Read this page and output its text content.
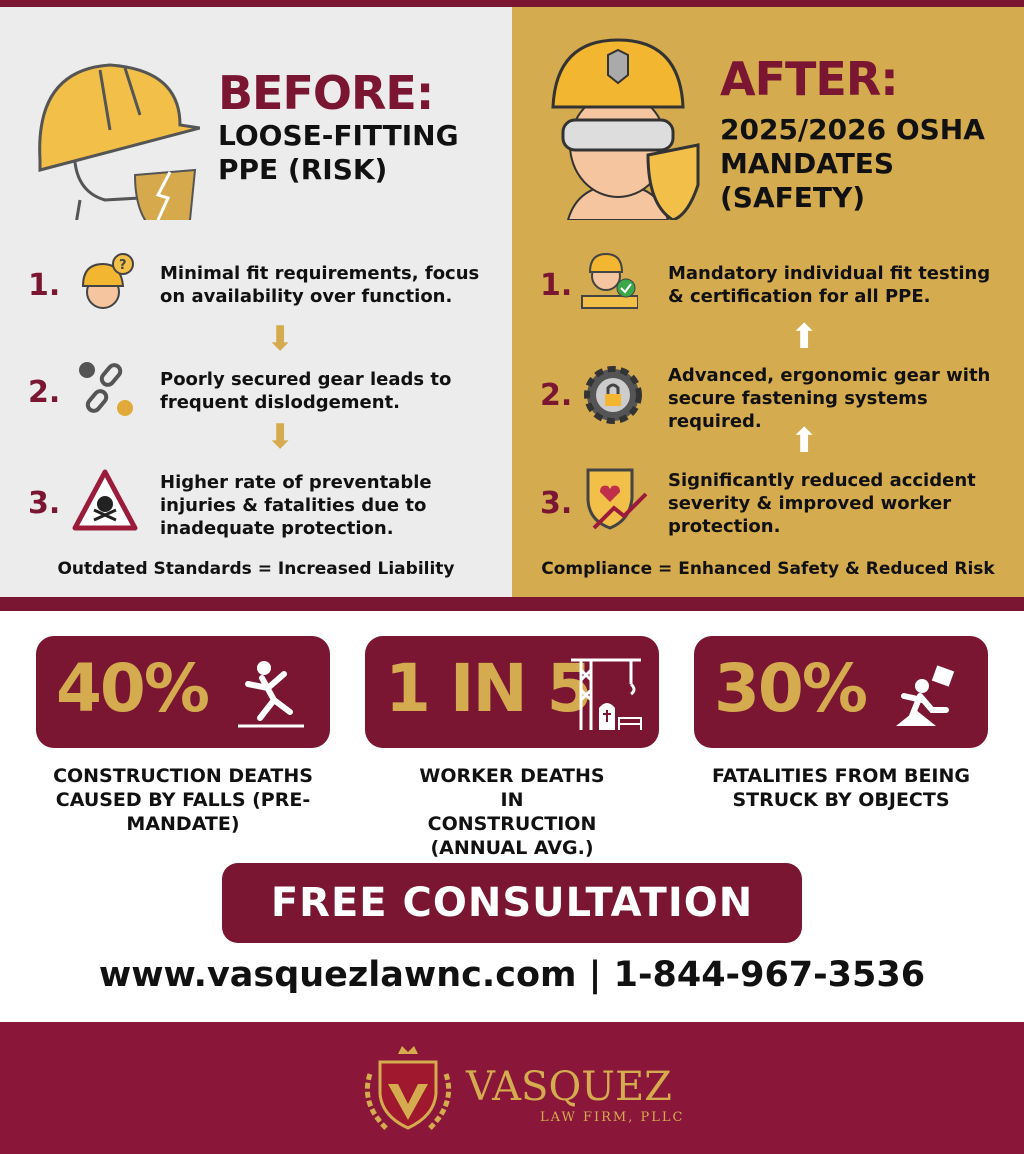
BEFORE:
LOOSE-FITTING
PPE (RISK)
1.
? Minimal fit requirements, focus on availability over function.
⬇
2.	Poorly secured gear leads to frequent dislodgement.
⬇
3.
Higher rate of preventable injuries & fatalities due to inadequate protection.
Outdated Standards = Increased Liability
AFTER:
2025/2026 OSHA
MANDATES
(SAFETY)
1.	Mandatory individual fit testing & certification for all PPE.
⬆
2.
Advanced, ergonomic gear with secure fastening systems required. ⬆
3.
Significantly reduced accident severity & improved worker protection.
Compliance = Enhanced Safety & Reduced Risk
40%	1 IN 5 30%
CONSTRUCTION DEATHS CAUSED BY FALLS (PRE-MANDATE)
WORKER DEATHS IN CONSTRUCTION (ANNUAL AVG.)
FATALITIES FROM BEING STRUCK BY OBJECTS
FREE CONSULTATION
www.vasquezlawnc.com | 1-844-967-3536
VASQUEZ
LAW FIRM, PLLC
